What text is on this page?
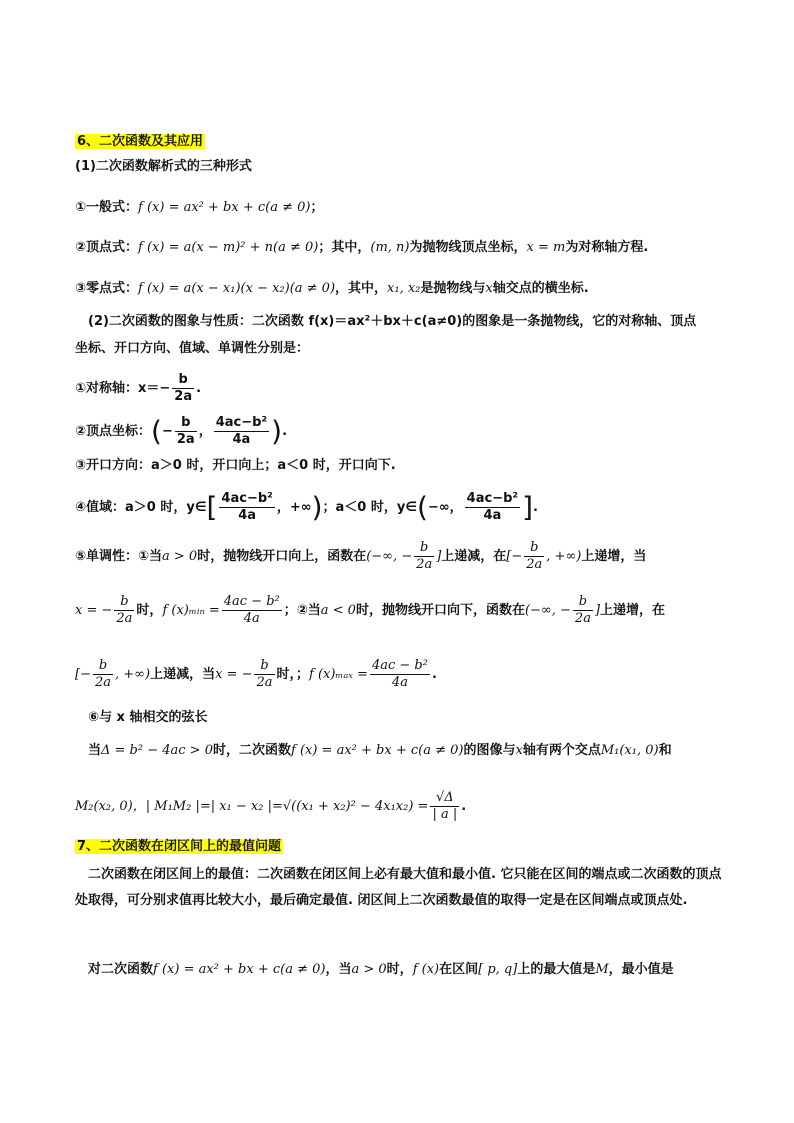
6、二次函数及其应用
(1)二次函数解析式的三种形式
①一般式：f (x) = ax² + bx + c(a ≠ 0)；
②顶点式：f (x) = a(x − m)² + n(a ≠ 0)；其中，(m, n)为抛物线顶点坐标，x = m为对称轴方程.
③零点式：f (x) = a(x − x₁)(x − x₂)(a ≠ 0)，其中，x₁, x₂是抛物线与x轴交点的横坐标.
(2)二次函数的图象与性质：二次函数 f(x)＝ax²＋bx＋c(a≠0)的图象是一条抛物线，它的对称轴、顶点
坐标、开口方向、值域、单调性分别是：
①对称轴：$x=- \frac{b}{2a}$ .
②顶点坐标：(− $\frac{b}{2a}$ ， $\frac{\text{4ac−b²}}{4a}$ ).
③开口方向：a＞0 时，开口向上；a＜0 时，开口向下.
④值域：a＞0 时，y∈[ $\frac{\text{4ac−b²}}{4a}$ ，+∞)；a＜0 时，y∈(−∞， $\frac{\text{4ac−b²}}{4a}$ ].
⑤单调性：①当a > 0时，抛物线开口向上，函数在(−∞, − $\frac{b}{2a}$ ]上递减，在[− $\frac{b}{2a}$ , +∞)上递增，当
x = − $\frac{b}{2a}$ 时，f (x)ₘᵢₙ = $\frac{\text{4ac − b²}}{4a}$ ；②当a < 0时，抛物线开口向下，函数在(−∞, − $\frac{b}{2a}$ ]上递增，在
[− $\frac{b}{2a}$ , +∞)上递减，当x = − $\frac{b}{2a}$ 时，；f $(x)_{max} = \frac{\text{4ac − b²}}{4a}$ .
⑥与 x 轴相交的弦长
当Δ = b² − 4ac > 0时，二次函数f (x) = ax² + bx + c(a ≠ 0)的图像与x轴有两个交点M₁(x₁, 0)和
M₂(x₂, 0)，| M₁M₂ |=| x₁ − x₂ $|=√((x_1 + x_2)^2 - 4x_1x_2) = \frac{√\Delta}{| a |}$ .
7、二次函数在闭区间上的最值问题
二次函数在闭区间上的最值：二次函数在闭区间上必有最大值和最小值. 它只能在区间的端点或二次函数的顶点处取得，可分别求值再比较大小，最后确定最值. 闭区间上二次函数最值的取得一定是在区间端点或顶点处.
对二次函数f (x) = ax² + bx + c(a ≠ 0)，当a > 0时，f (x)在区间[ p, q]上的最大值是M，最小值是
